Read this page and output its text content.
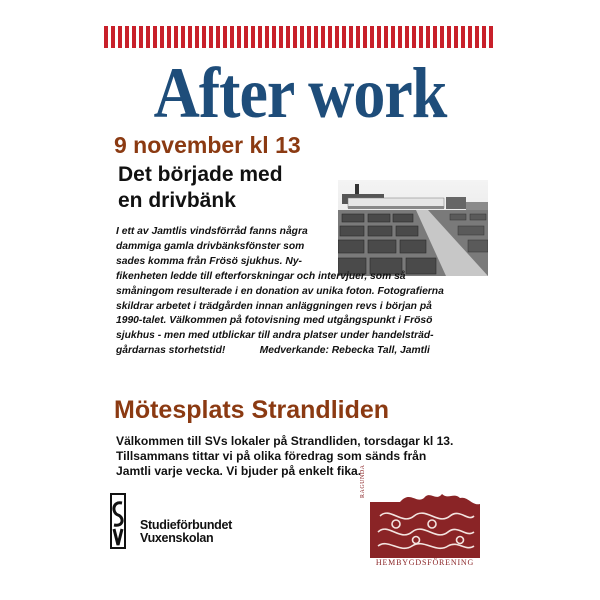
After work
9 november kl 13
Det började med
en drivbänk
I ett av Jamtlis vindsförråd fanns några
dammiga gamla drivbänksfönster som
sades komma från Frösö sjukhus. Ny-
fikenheten ledde till efterforskningar och intervjuer, som så
småningom resulterade i en donation av unika foton. Fotografierna
skildrar arbetet i trädgården innan anläggningen revs i början på
1990-talet. Välkommen på fotovisning med utgångspunkt i Frösö
sjukhus - men med utblickar till andra platser under handelsträd-
gårdarnas storhetstid!	Medverkande: Rebecka Tall, Jamtli
Mötesplats Strandliden
Välkommen till SVs lokaler på Strandliden, torsdagar kl 13.
Tillsammans tittar vi på olika föredrag som sänds från
Jamtli varje vecka. Vi bjuder på enkelt fika.
Studieförbundet
Vuxenskolan
RAGUNDA
HEMBYGDSFÖRENING
